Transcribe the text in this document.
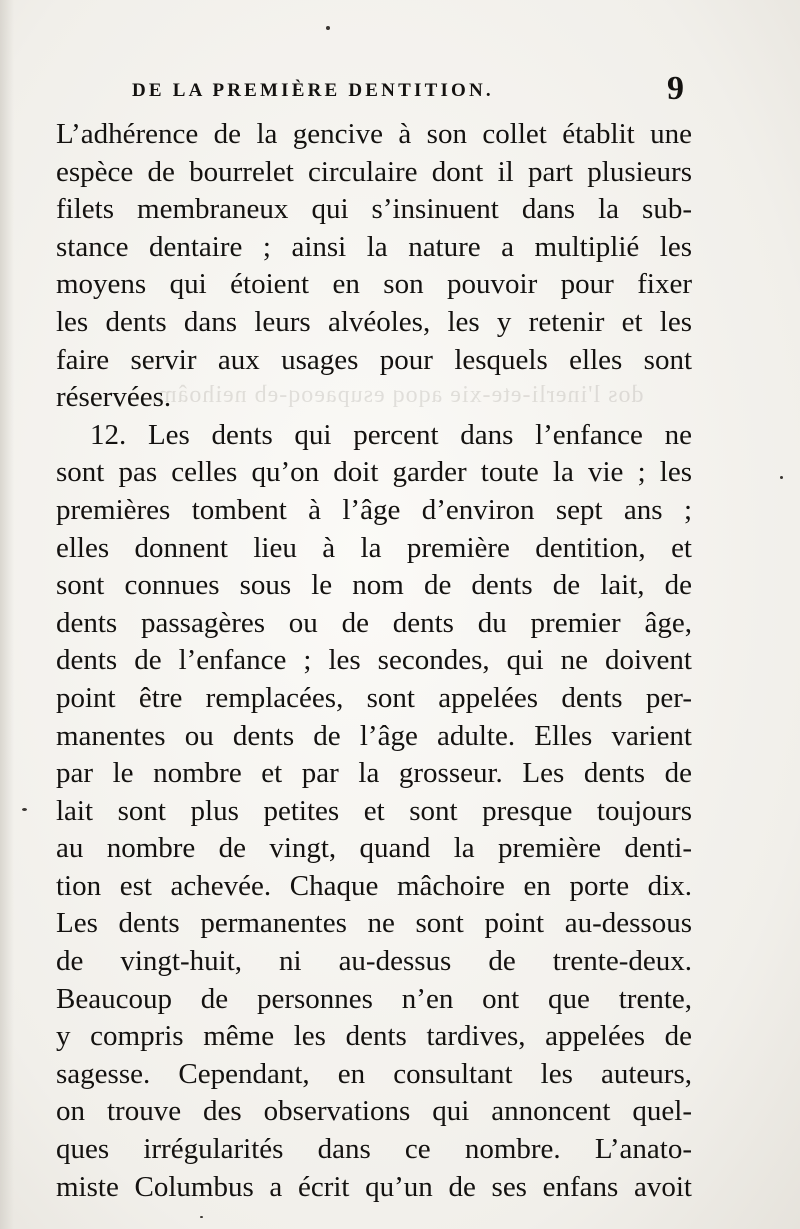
dos l'inerli-ete-xie aqoq esupaeoq-eb neihoâm.
DE LA PREMIÈRE DENTITION.	9
L’adhérence de la gencive à son collet établit une
espèce de bourrelet circulaire dont il part plusieurs
filets membraneux qui s’insinuent dans la sub-
stance dentaire ; ainsi la nature a multiplié les
moyens qui étoient en son pouvoir pour fixer
les dents dans leurs alvéoles, les y retenir et les
faire servir aux usages pour lesquels elles sont
réservées.
12. Les dents qui percent dans l’enfance ne
sont pas celles qu’on doit garder toute la vie ; les
premières tombent à l’âge d’environ sept ans ;
elles donnent lieu à la première dentition, et
sont connues sous le nom de dents de lait, de
dents passagères ou de dents du premier âge,
dents de l’enfance ; les secondes, qui ne doivent
point être remplacées, sont appelées dents per-
manentes ou dents de l’âge adulte. Elles varient
par le nombre et par la grosseur. Les dents de
lait sont plus petites et sont presque toujours
au nombre de vingt, quand la première denti-
tion est achevée. Chaque mâchoire en porte dix.
Les dents permanentes ne sont point au-dessous
de vingt-huit, ni au-dessus de trente-deux.
Beaucoup de personnes n’en ont que trente,
y compris même les dents tardives, appelées de
sagesse. Cependant, en consultant les auteurs,
on trouve des observations qui annoncent quel-
ques irrégularités dans ce nombre. L’anato-
miste Columbus a écrit qu’un de ses enfans avoit
